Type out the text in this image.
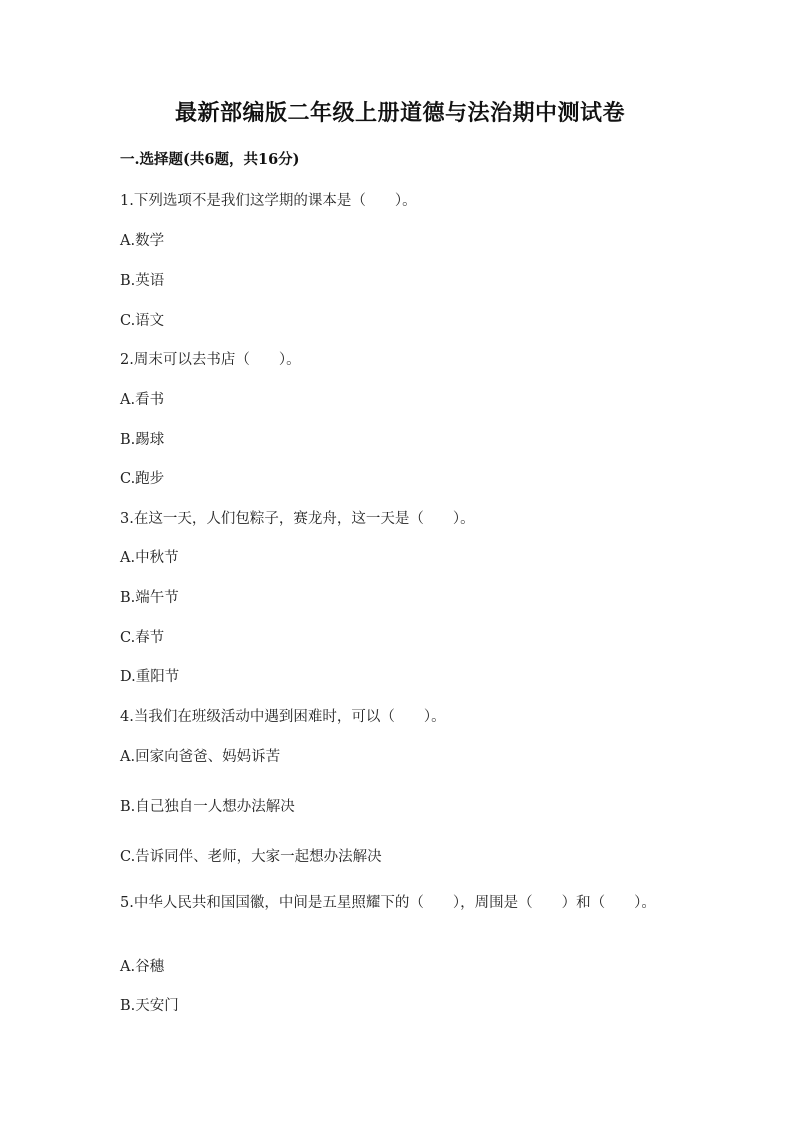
最新部编版二年级上册道德与法治期中测试卷
一.选择题(共6题，共16分)
1.下列选项不是我们这学期的课本是（　　）。
A.数学
B.英语
C.语文
2.周末可以去书店（　　）。
A.看书
B.踢球
C.跑步
3.在这一天，人们包粽子，赛龙舟，这一天是（　　）。
A.中秋节
B.端午节
C.春节
D.重阳节
4.当我们在班级活动中遇到困难时，可以（　　）。
A.回家向爸爸、妈妈诉苦
B.自己独自一人想办法解决
C.告诉同伴、老师，大家一起想办法解决
5.中华人民共和国国徽，中间是五星照耀下的（　　），周围是（　　）和（　　）。
A.谷穗
B.天安门
